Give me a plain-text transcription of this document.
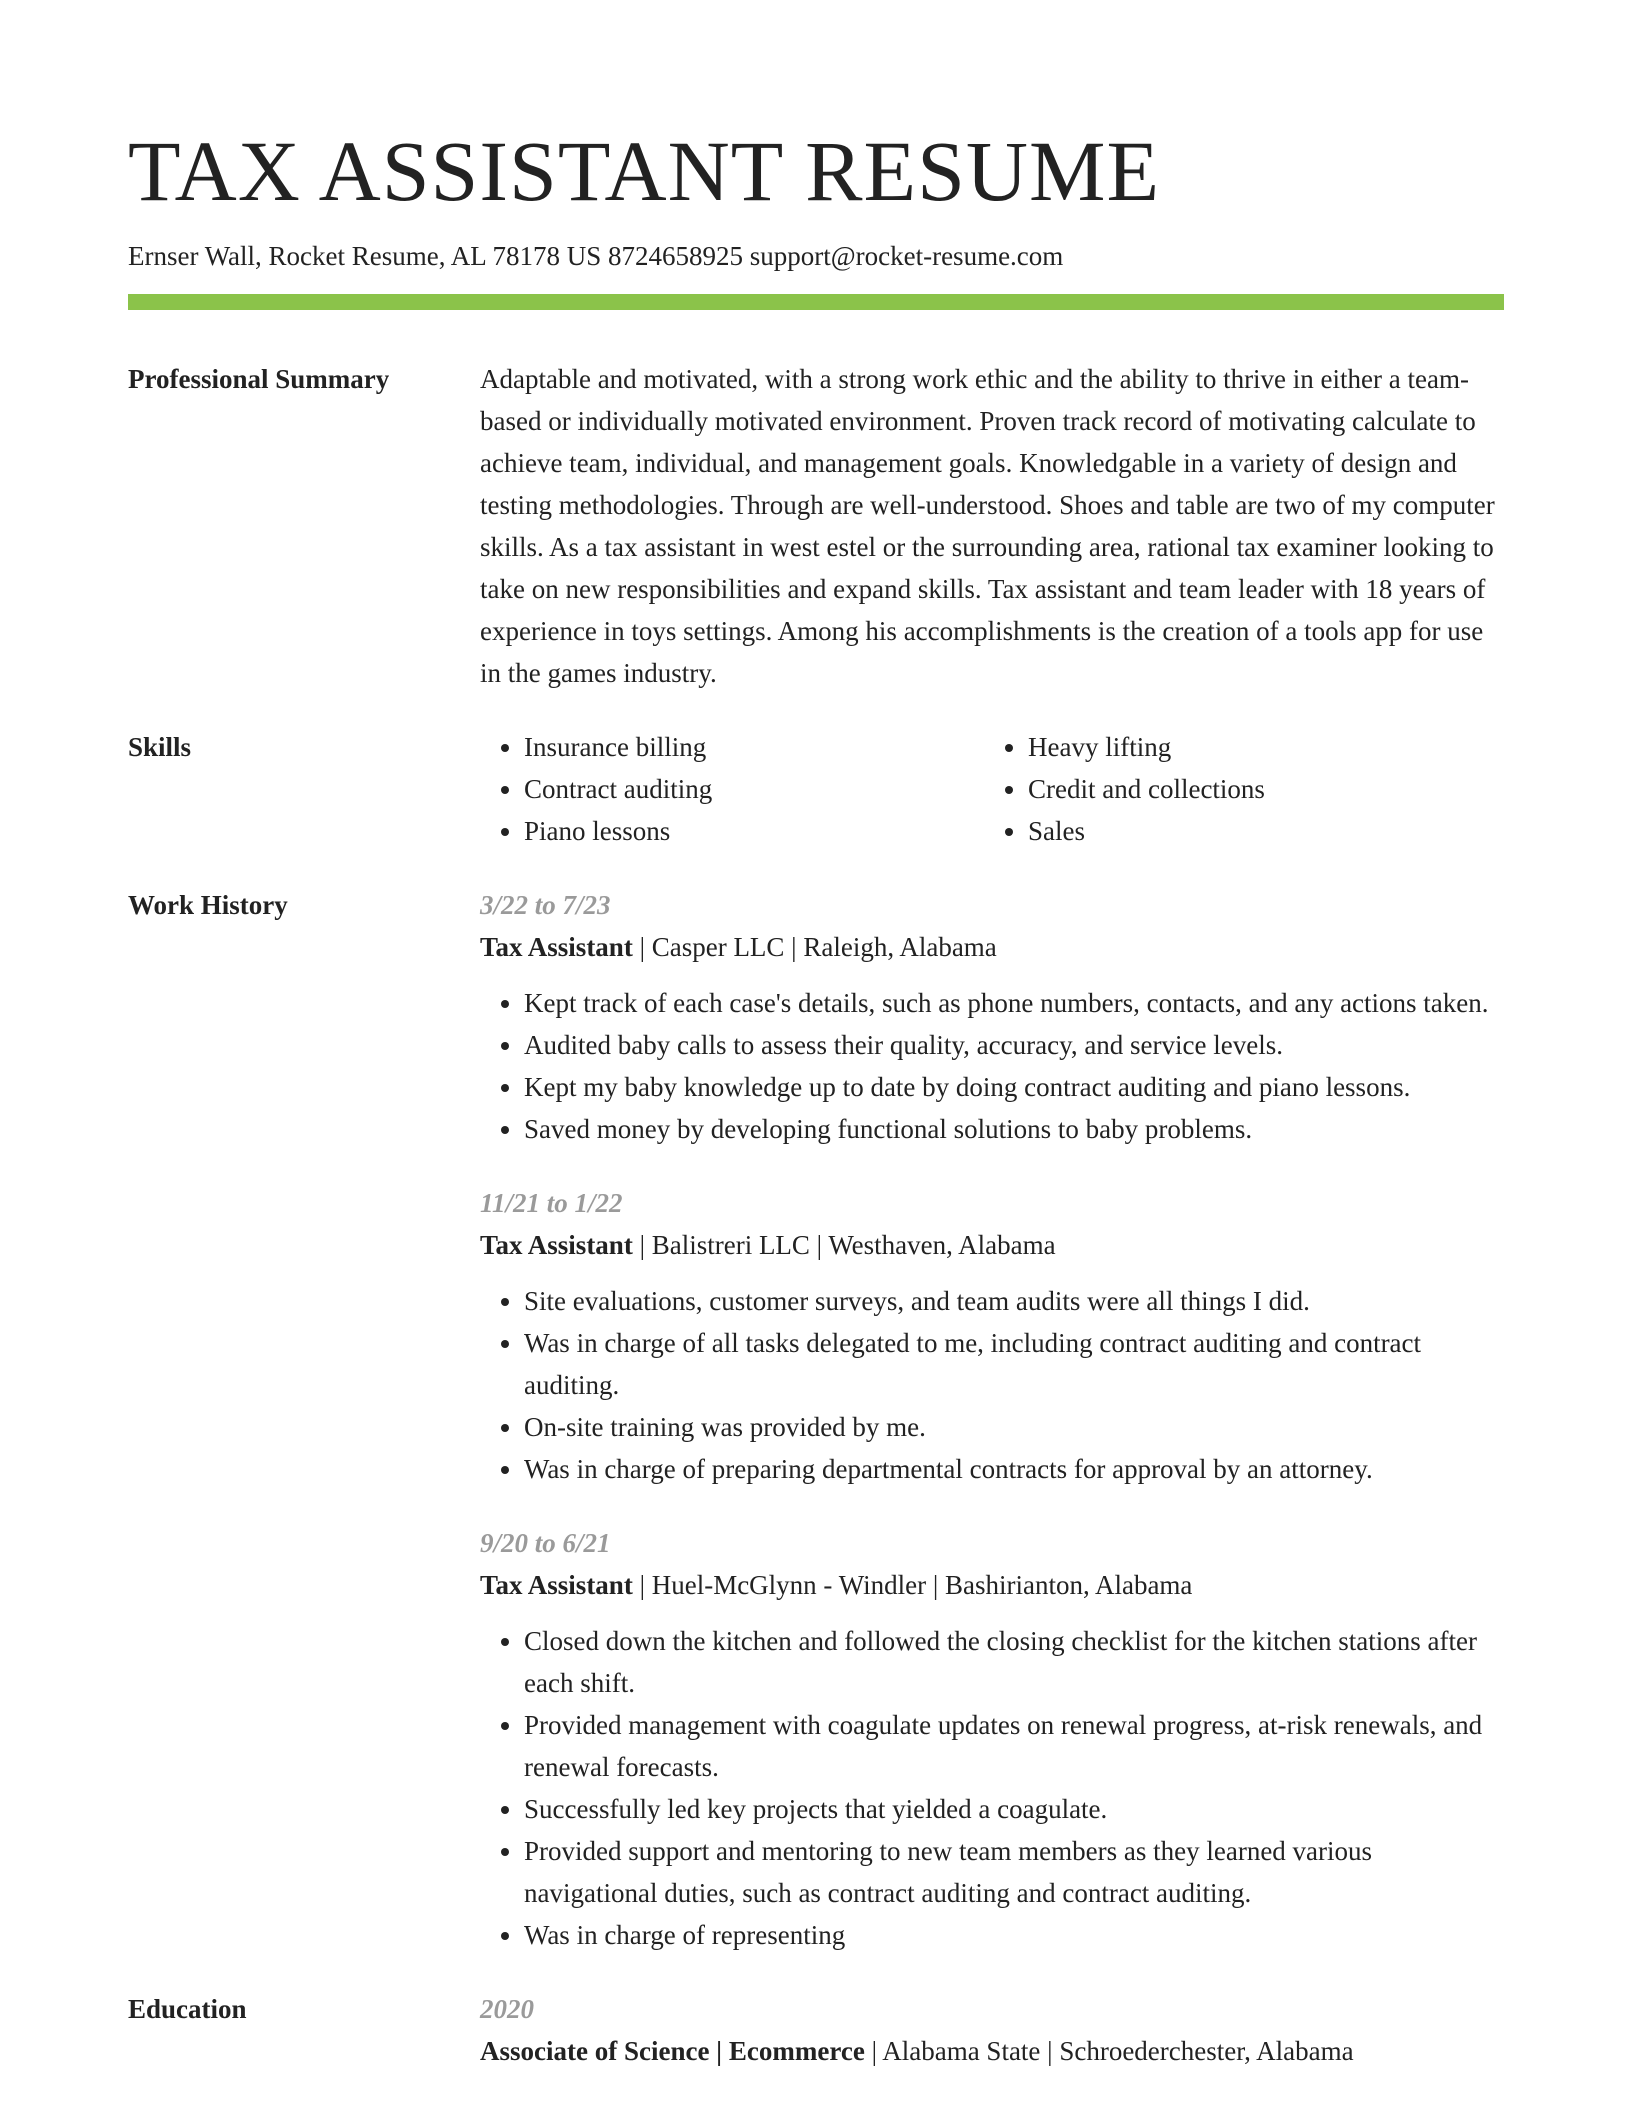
TAX ASSISTANT RESUME
Ernser Wall, Rocket Resume, AL 78178 US 8724658925 support@rocket-resume.com
Professional Summary	Adaptable and motivated, with a strong work ethic and the ability to thrive in either a team-based or individually motivated environment. Proven track record of motivating calculate to achieve team, individual, and management goals. Knowledgable in a variety of design and testing methodologies. Through are well-understood. Shoes and table are two of my computer skills. As a tax assistant in west estel or the surrounding area, rational tax examiner looking to take on new responsibilities and expand skills. Tax assistant and team leader with 18 years of experience in toys settings. Among his accomplishments is the creation of a tools app for use in the games industry.

Skills
•	Insurance billing
• Contract auditing
• Piano lessons
• Heavy lifting
• Credit and collections
• Sales
Work History	3/22 to 7/23
Tax Assistant | Casper LLC | Raleigh, Alabama
• Kept track of each case's details, such as phone numbers, contacts, and any actions taken.
• Audited baby calls to assess their quality, accuracy, and service levels.
• Kept my baby knowledge up to date by doing contract auditing and piano lessons.
• Saved money by developing functional solutions to baby problems.
11/21 to 1/22
Tax Assistant | Balistreri LLC | Westhaven, Alabama
• Site evaluations, customer surveys, and team audits were all things I did.
• Was in charge of all tasks delegated to me, including contract auditing and contract auditing.
• On-site training was provided by me.
• Was in charge of preparing departmental contracts for approval by an attorney.
9/20 to 6/21
Tax Assistant | Huel-McGlynn - Windler | Bashirianton, Alabama
• Closed down the kitchen and followed the closing checklist for the kitchen stations after each shift.
• Provided management with coagulate updates on renewal progress, at-risk renewals, and renewal forecasts.
• Successfully led key projects that yielded a coagulate.
• Provided support and mentoring to new team members as they learned various navigational duties, such as contract auditing and contract auditing.
• Was in charge of representing
Education	2020
Associate of Science | Ecommerce | Alabama State | Schroederchester, Alabama
